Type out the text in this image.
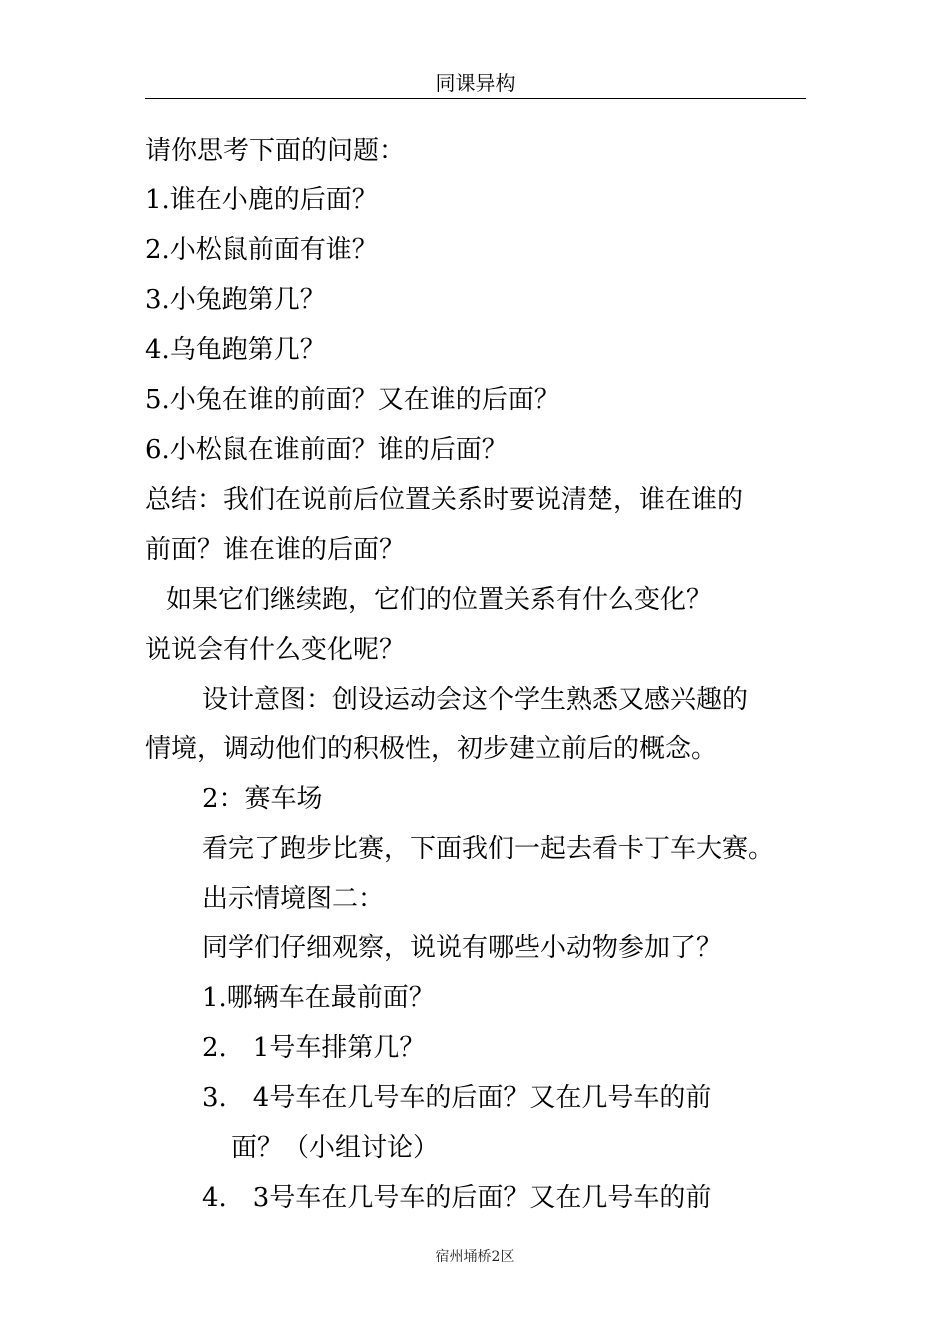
同课异构
请你思考下面的问题：
1.谁在小鹿的后面？
2.小松鼠前面有谁？
3.小兔跑第几？
4.乌龟跑第几？
5.小兔在谁的前面？又在谁的后面？
6.小松鼠在谁前面？谁的后面？
总结：我们在说前后位置关系时要说清楚，谁在谁的
前面？谁在谁的后面？
如果它们继续跑，它们的位置关系有什么变化？
说说会有什么变化呢？
设计意图：创设运动会这个学生熟悉又感兴趣的
情境，调动他们的积极性，初步建立前后的概念。
2：赛车场
看完了跑步比赛，下面我们一起去看卡丁车大赛。
出示情境图二：
同学们仔细观察，说说有哪些小动物参加了？
1.哪辆车在最前面？
2.　1号车排第几？
3.　4号车在几号车的后面？又在几号车的前
面？（小组讨论）
4.　3号车在几号车的后面？又在几号车的前
宿州埇桥2区
